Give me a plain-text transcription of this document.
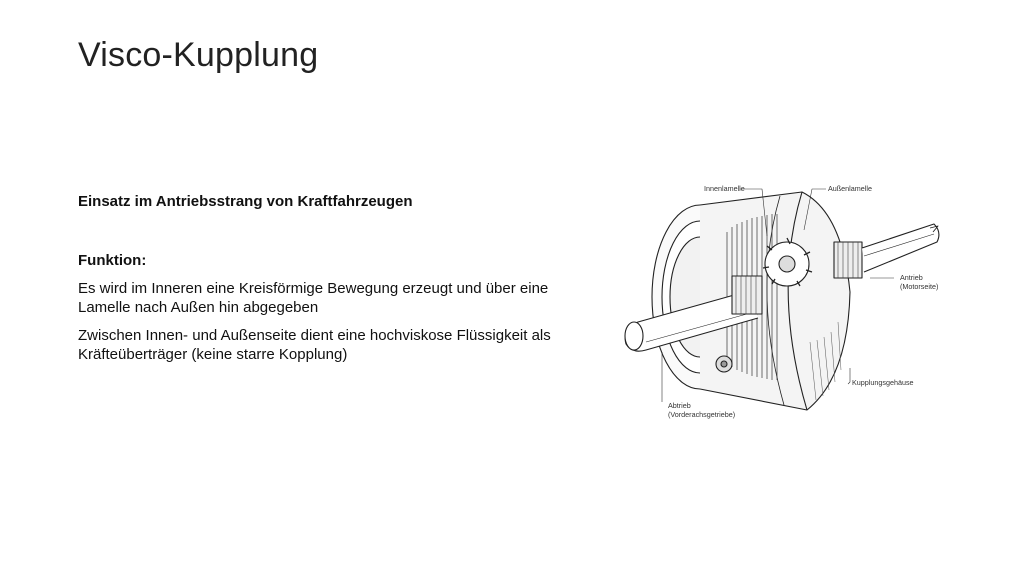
Visco-Kupplung

Einsatz im Antriebsstrang von Kraftfahrzeugen

Funktion:

Es wird im Inneren eine Kreisförmige Bewegung erzeugt und über eine Lamelle nach Außen hin abgegeben

Zwischen Innen- und Außenseite dient eine hochviskose Flüssigkeit als Kräfteüberträger (keine starre Kopplung)

Innenlamelle	Außenlamelle
Antrieb
(Motorseite)
Kupplungsgehäuse
Abtrieb
(Vorderachsgetriebe)
